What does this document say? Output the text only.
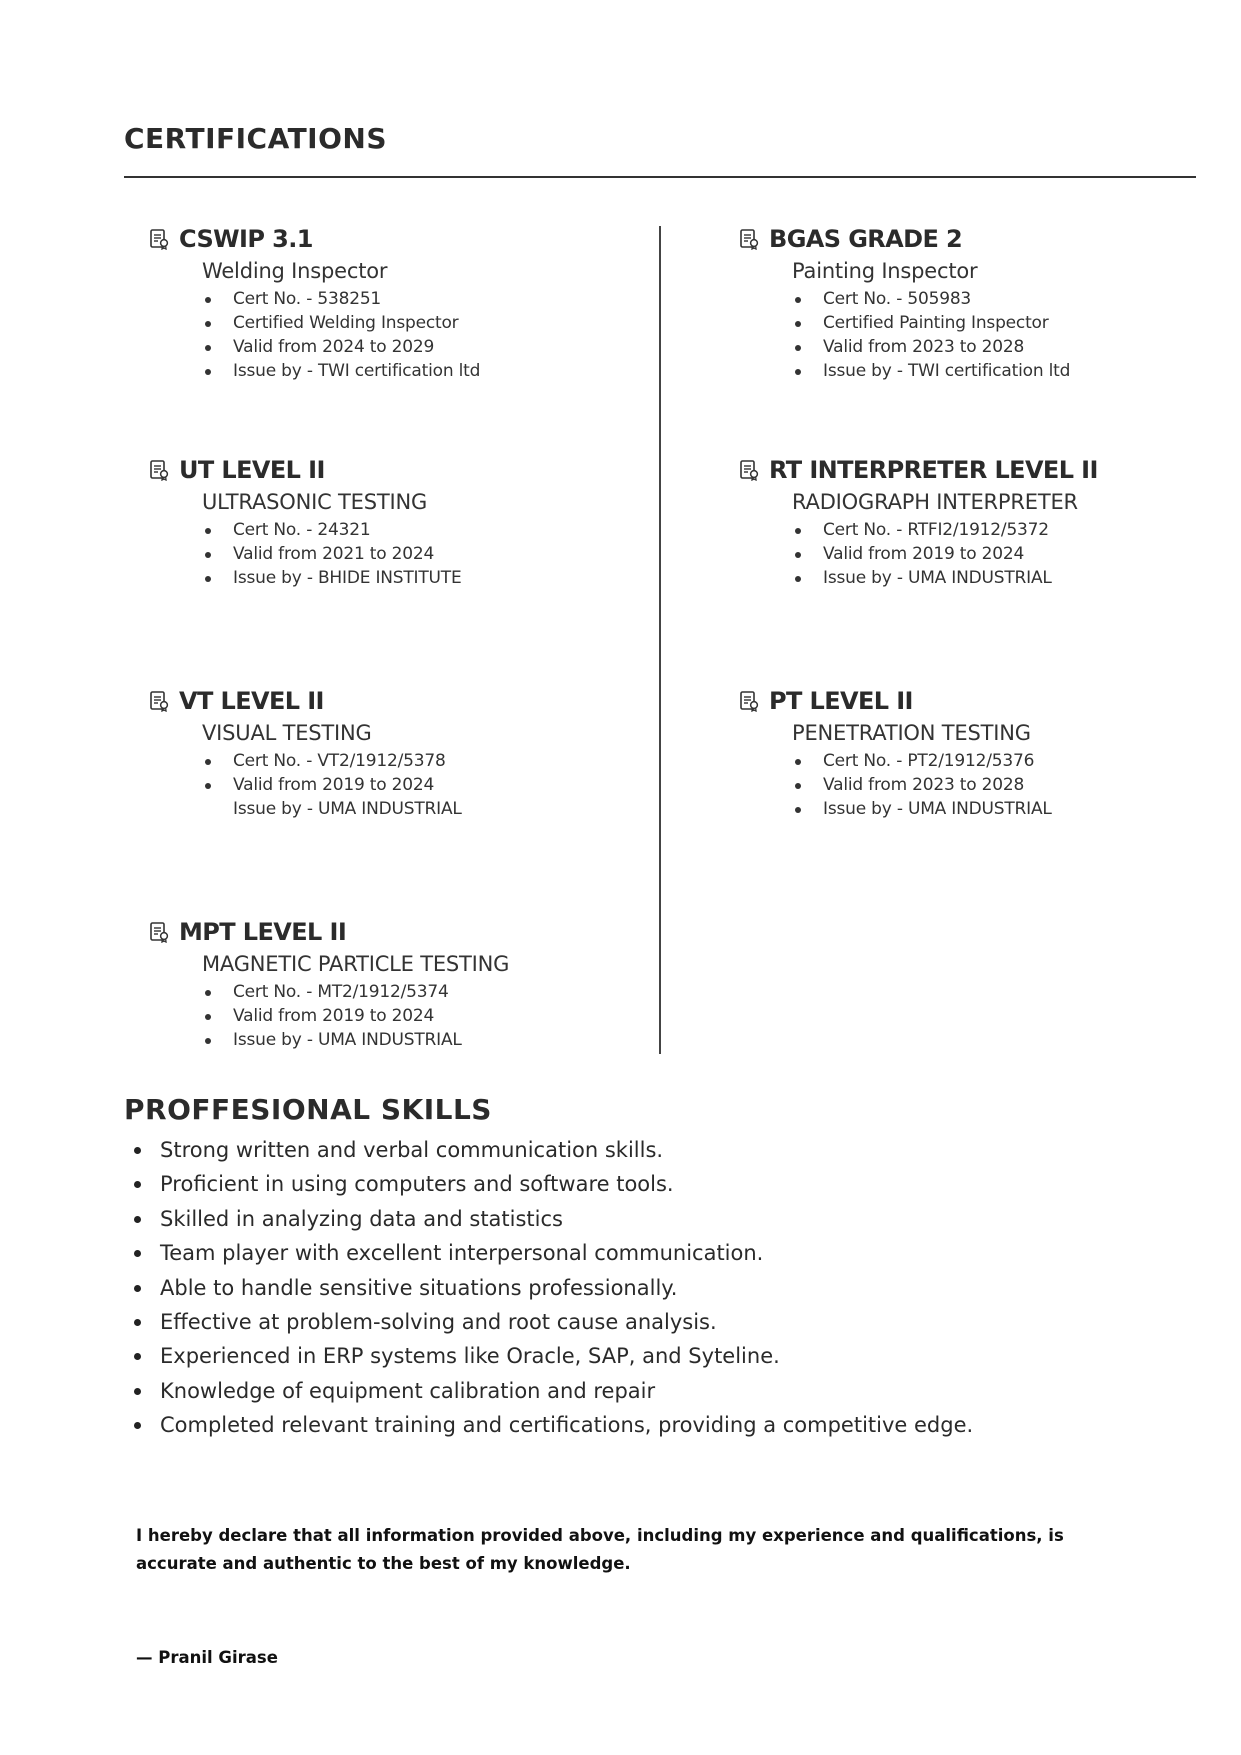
CERTIFICATIONS
CSWIP 3.1
Welding Inspector
Cert No. - 538251
Certified Welding Inspector
Valid from 2024 to 2029
Issue by - TWI certification ltd
BGAS GRADE 2
Painting Inspector
Cert No. - 505983
Certified Painting Inspector
Valid from 2023 to 2028
Issue by - TWI certification ltd
UT LEVEL II
ULTRASONIC TESTING
Cert No. - 24321
Valid from 2021 to 2024
Issue by - BHIDE INSTITUTE
RT INTERPRETER LEVEL II
RADIOGRAPH INTERPRETER
Cert No. - RTFI2/1912/5372
Valid from 2019 to 2024
Issue by - UMA INDUSTRIAL
VT LEVEL II
VISUAL TESTING
Cert No. - VT2/1912/5378
Valid from 2019 to 2024
Issue by - UMA INDUSTRIAL
PT LEVEL II
PENETRATION TESTING
Cert No. - PT2/1912/5376
Valid from 2023 to 2028
Issue by - UMA INDUSTRIAL
MPT LEVEL II
MAGNETIC PARTICLE TESTING
Cert No. - MT2/1912/5374
Valid from 2019 to 2024
Issue by - UMA INDUSTRIAL
PROFFESIONAL SKILLS
Strong written and verbal communication skills.
Proficient in using computers and software tools.
Skilled in analyzing data and statistics
Team player with excellent interpersonal communication.
Able to handle sensitive situations professionally.
Effective at problem-solving and root cause analysis.
Experienced in ERP systems like Oracle, SAP, and Syteline.
Knowledge of equipment calibration and repair
Completed relevant training and certifications, providing a competitive edge.

I hereby declare that all information provided above, including my experience and qualifications, is accurate and authentic to the best of my knowledge.

— Pranil Girase
